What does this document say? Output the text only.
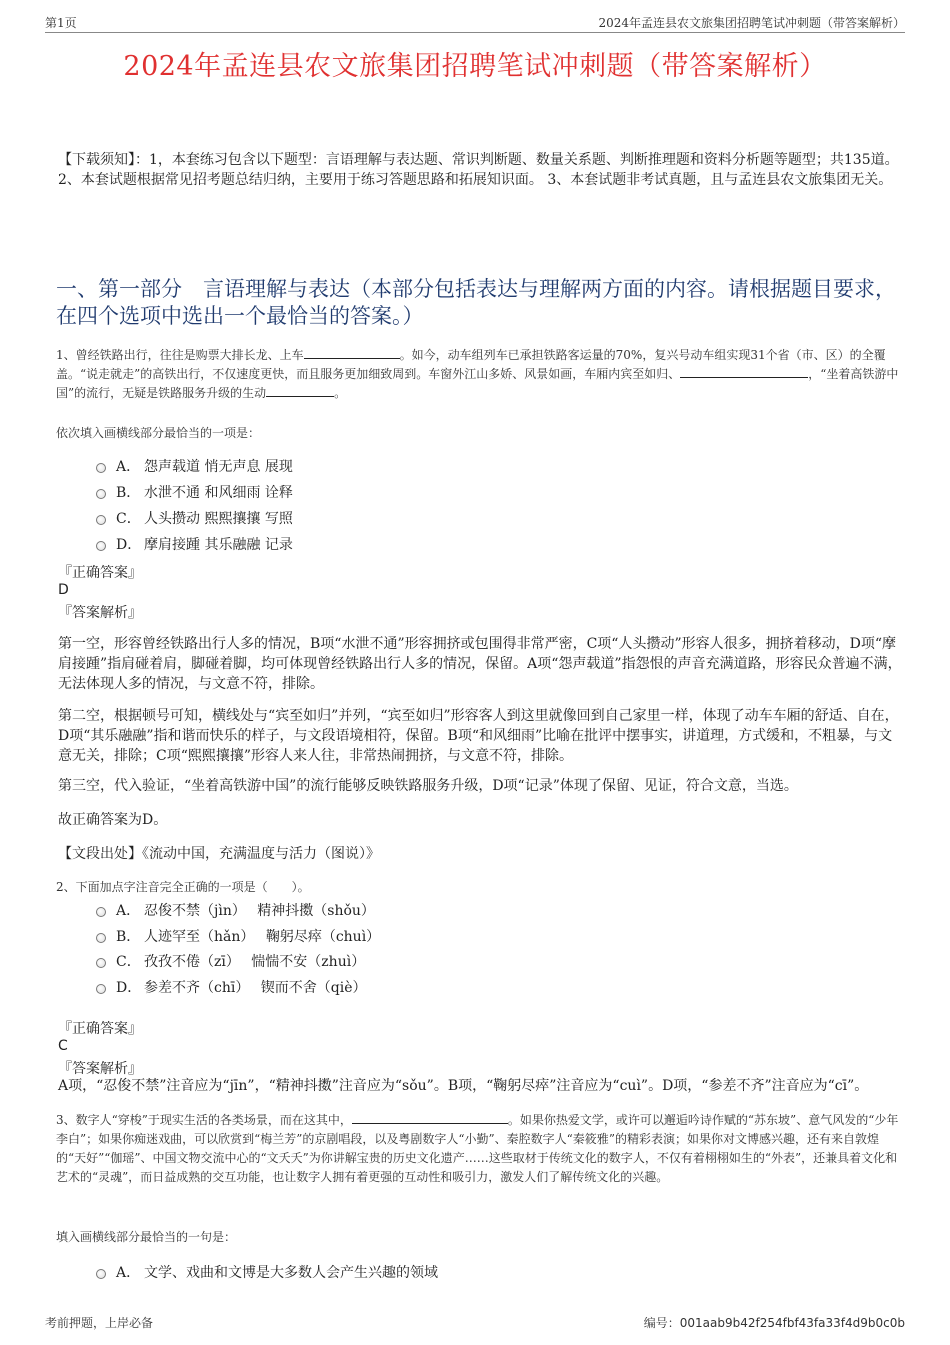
第1页	2024年孟连县农文旅集团招聘笔试冲刺题（带答案解析）
2024年孟连县农文旅集团招聘笔试冲刺题（带答案解析）
【下载须知】：1，本套练习包含以下题型：言语理解与表达题、常识判断题、数量关系题、判断推理题和资料分析题等题型；共135道。 2、本套试题根据常见招考题总结归纳，主要用于练习答题思路和拓展知识面。 3、本套试题非考试真题，且与孟连县农文旅集团无关。
一、第一部分　言语理解与表达（本部分包括表达与理解两方面的内容。请根据题目要求，在四个选项中选出一个最恰当的答案。）
1、曾经铁路出行，往往是购票大排长龙、上车	。如今，动车组列车已承担铁路客运量的70%，复兴号动车组实现31个省（市、区）的全覆盖。“说走就走”的高铁出行，不仅速度更快，而且服务更加细致周到。车窗外江山多娇、风景如画，车厢内宾至如归、	，“坐着高铁游中国”的流行，无疑是铁路服务升级的生动	。
依次填入画横线部分最恰当的一项是：
A． 怨声载道 悄无声息 展现
B． 水泄不通 和风细雨 诠释
C． 人头攒动 熙熙攘攘 写照
D． 摩肩接踵 其乐融融 记录
『正确答案』
D
『答案解析』
第一空，形容曾经铁路出行人多的情况，B项“水泄不通”形容拥挤或包围得非常严密，C项“人头攒动”形容人很多，拥挤着移动，D项“摩肩接踵”指肩碰着肩，脚碰着脚，均可体现曾经铁路出行人多的情况，保留。A项“怨声载道”指怨恨的声音充满道路，形容民众普遍不满，无法体现人多的情况，与文意不符，排除。
第二空，根据顿号可知，横线处与“宾至如归”并列，“宾至如归”形容客人到这里就像回到自己家里一样，体现了动车车厢的舒适、自在，D项“其乐融融”指和谐而快乐的样子，与文段语境相符，保留。B项“和风细雨”比喻在批评中摆事实，讲道理，方式缓和，不粗暴，与文意无关，排除；C项“熙熙攘攘”形容人来人往，非常热闹拥挤，与文意不符，排除。
第三空，代入验证，“坐着高铁游中国”的流行能够反映铁路服务升级，D项“记录”体现了保留、见证，符合文意，当选。
故正确答案为D。
【文段出处】《流动中国，充满温度与活力（图说）》
2、下面加点字注音完全正确的一项是（　　）。
A． 忍俊不禁（jìn）　 精神抖擞（shǒu）
B． 人迹罕至（hǎn）　 鞠躬尽瘁（chuì）
C． 孜孜不倦（zī）　 惴惴不安（zhuì）
D． 参差不齐（chī）　 锲而不舍（qiè）
『正确答案』
C
『答案解析』
A项，“忍俊不禁”注音应为“jīn”，“精神抖擞”注音应为“sǒu”。B项，“鞠躬尽瘁”注音应为“cuì”。D项，“参差不齐”注音应为“cī”。
3、数字人“穿梭”于现实生活的各类场景，而在这其中，	。如果你热爱文学，或许可以邂逅吟诗作赋的“苏东坡”、意气风发的“少年李白”；如果你痴迷戏曲，可以欣赏到“梅兰芳”的京剧唱段，以及粤剧数字人“小勤”、秦腔数字人“秦筱雅”的精彩表演；如果你对文博感兴趣，还有来自敦煌的“天好”“伽瑶”、中国文物交流中心的“文夭夭”为你讲解宝贵的历史文化遗产……这些取材于传统文化的数字人，不仅有着栩栩如生的“外表”，还兼具着文化和艺术的“灵魂”，而日益成熟的交互功能，也让数字人拥有着更强的互动性和吸引力，激发人们了解传统文化的兴趣。
填入画横线部分最恰当的一句是：
A． 文学、戏曲和文博是大多数人会产生兴趣的领域
考前押题，上岸必备	编号：001aab9b42f254fbf43fa33f4d9b0c0b
